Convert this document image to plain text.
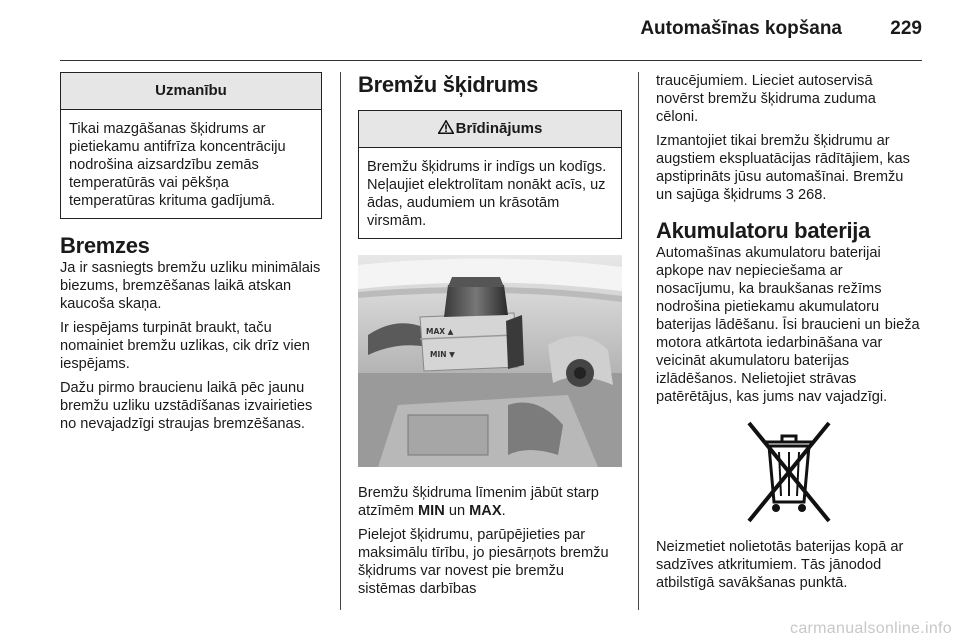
Automašīnas kopšana	229
Uzmanību
Tikai mazgāšanas šķidrums ar pietiekamu antifrīza koncentrāciju nodrošina aizsardzību zemās temperatūrās vai pēkšņa temperatūras krituma gadījumā.
Bremzes

Ja ir sasniegts bremžu uzliku minimālais biezums, bremzēšanas laikā atskan kaucoša skaņa.

Ir iespējams turpināt braukt, taču nomainiet bremžu uzlikas, cik drīz vien iespējams.

Dažu pirmo braucienu laikā pēc jaunu bremžu uzliku uzstādīšanas izvairieties no nevajadzīgi straujas bremzēšanas.

Bremžu šķidrums
Brīdinājums
Bremžu šķidrums ir indīgs un kodīgs. Neļaujiet elektrolītam nonākt acīs, uz ādas, audumiem un krāsotām virsmām.
MAX ▲
MIN ▼

Bremžu šķidruma līmenim jābūt starp atzīmēm MIN un MAX.

Pielejot šķidrumu, parūpējieties par maksimālu tīrību, jo piesārņots bremžu šķidrums var novest pie bremžu sistēmas darbības

traucējumiem. Lieciet autoservisā novērst bremžu šķidruma zuduma cēloni.

Izmantojiet tikai bremžu šķidrumu ar augstiem ekspluatācijas rādītājiem, kas apstiprināts jūsu automašīnai. Bremžu un sajūga šķidrums 3 268.

Akumulatoru baterija

Automašīnas akumulatoru baterijai apkope nav nepieciešama ar nosacījumu, ka braukšanas režīms nodrošina pietiekamu akumulatoru baterijas lādēšanu. Īsi braucieni un bieža motora atkārtota iedarbināšana var veicināt akumulatoru baterijas izlādēšanos. Nelietojiet strāvas patērētājus, kas jums nav vajadzīgi.

Neizmetiet nolietotās baterijas kopā ar sadzīves atkritumiem. Tās jānodod atbilstīgā savākšanas punktā.

carmanualsonline.info
